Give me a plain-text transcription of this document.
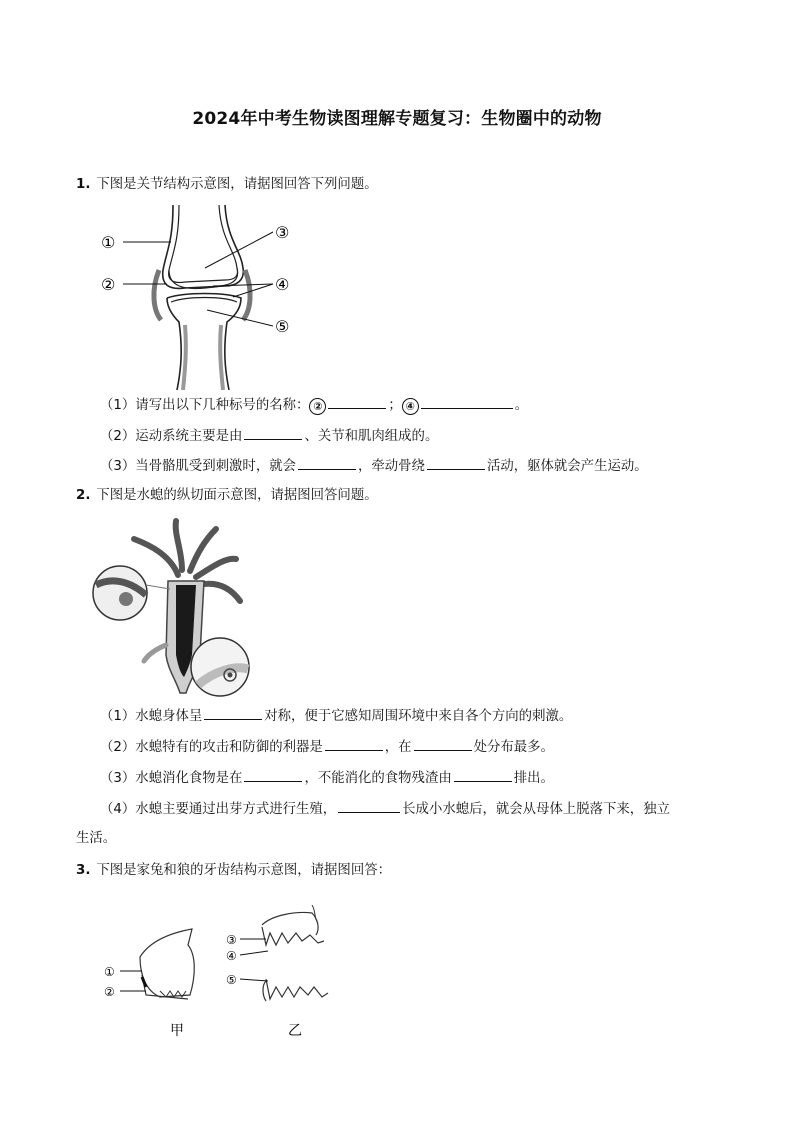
2024年中考生物读图理解专题复习：生物圈中的动物
1. 下图是关节结构示意图，请据图回答下列问题。
①
②
③
④
⑤
（1）请写出以下几种标号的名称： ②	； ④	。
（2）运动系统主要是由	、关节和肌肉组成的。
（3）当骨骼肌受到刺激时，就会	，牵动骨绕	活动，躯体就会产生运动。
2. 下图是水螅的纵切面示意图，请据图回答问题。
（1）水螅身体呈	对称，便于它感知周围环境中来自各个方向的刺激。
（2）水螅特有的攻击和防御的利器是	，在	处分布最多。
（3）水螅消化食物是在	，不能消化的食物残渣由	排出。
（4）水螅主要通过出芽方式进行生殖，	长成小水螅后，就会从母体上脱落下来，独立
生活。
3. 下图是家兔和狼的牙齿结构示意图，请据图回答：
①
②
甲
③
④
⑤
乙
